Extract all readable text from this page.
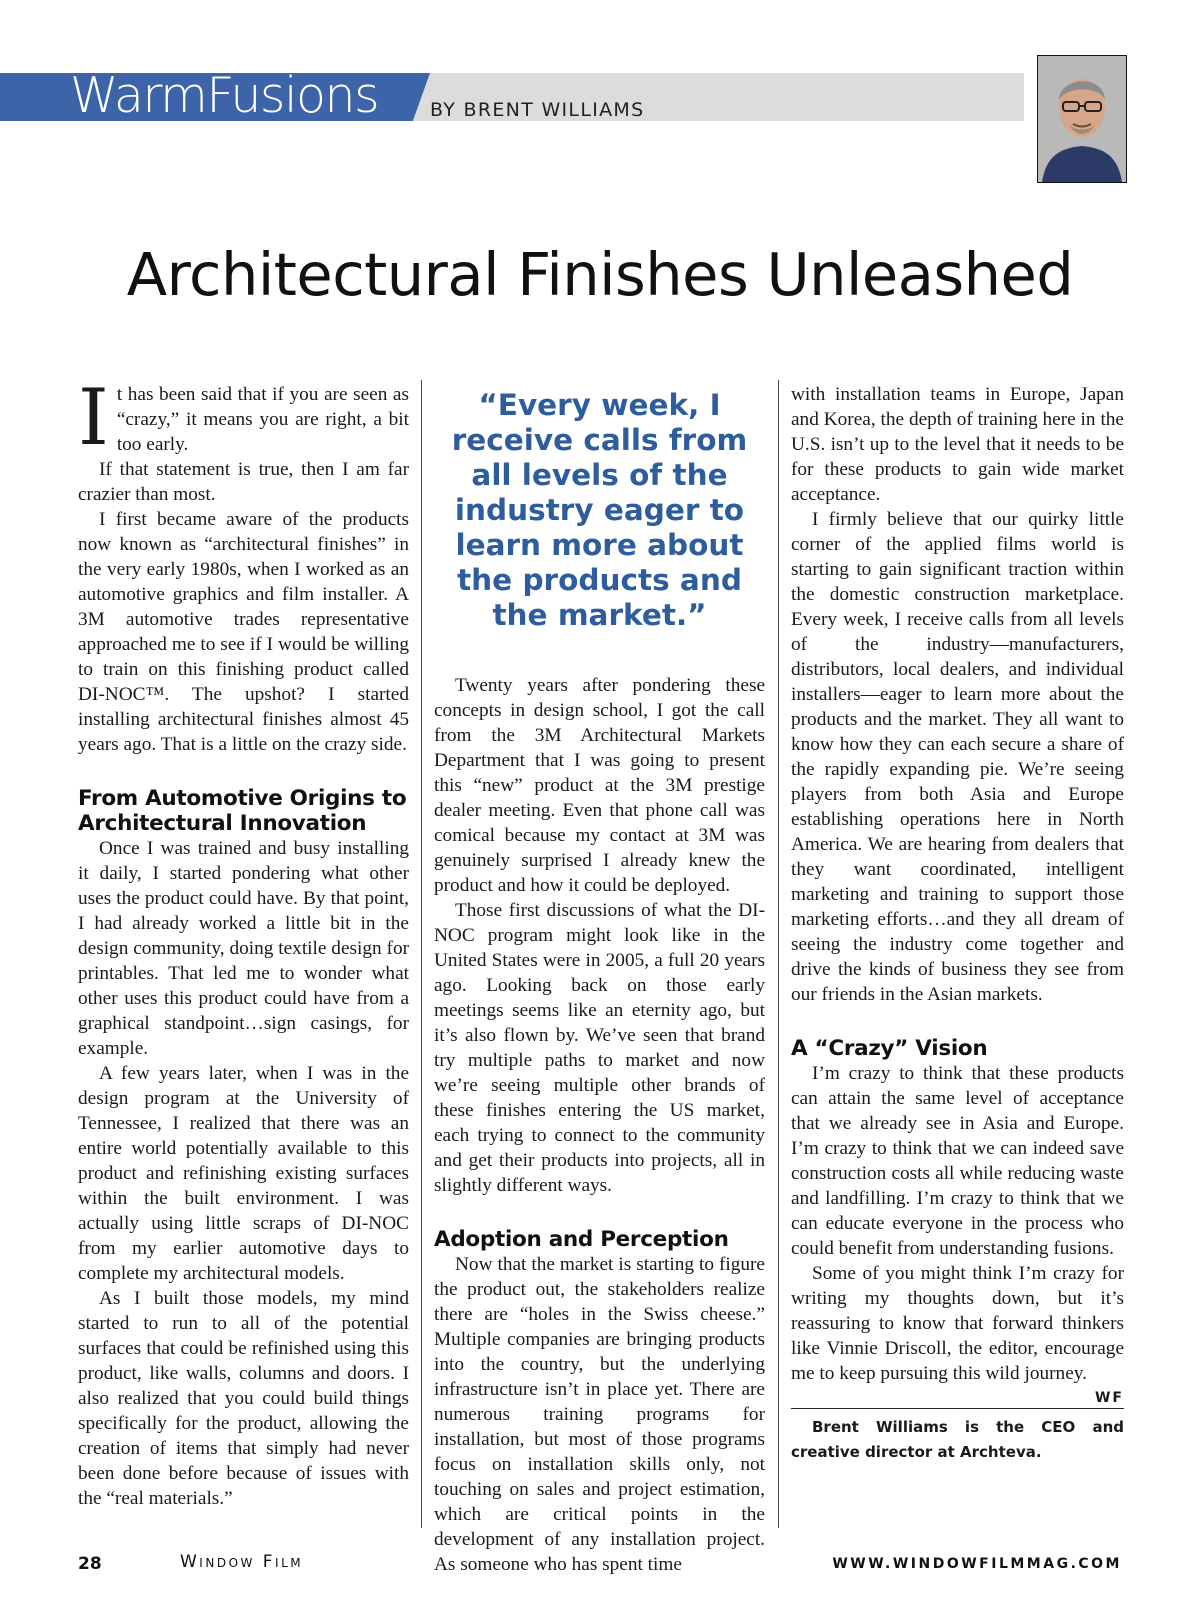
WarmFusions	BY BRENT WILLIAMS
Architectural Finishes Unleashed

It has been said that if you are seen as “crazy,” it means you are right, a bit too early.

If that statement is true, then I am far crazier than most.

I first became aware of the products now known as “architectural finishes” in the very early 1980s, when I worked as an automotive graphics and film installer. A 3M automotive trades representative approached me to see if I would be willing to train on this finishing product called DI-NOC™. The upshot? I started installing architectural finishes almost 45 years ago. That is a little on the crazy side.

From Automotive Origins to Architectural Innovation

Once I was trained and busy installing it daily, I started pondering what other uses the product could have. By that point, I had already worked a little bit in the design community, doing textile design for printables. That led me to wonder what other uses this product could have from a graphical standpoint…sign casings, for example.

A few years later, when I was in the design program at the University of Tennessee, I realized that there was an entire world potentially available to this product and refinishing existing surfaces within the built environment. I was actually using little scraps of DI-NOC from my earlier automotive days to complete my architectural models.

As I built those models, my mind started to run to all of the potential surfaces that could be refinished using this product, like walls, columns and doors. I also realized that you could build things specifically for the product, allowing the creation of items that simply had never been done before because of issues with the “real materials.”

“Every week, I receive calls from all levels of the industry eager to learn more about the products and the market.”

Twenty years after pondering these concepts in design school, I got the call from the 3M Architectural Markets Department that I was going to present this “new” product at the 3M prestige dealer meeting. Even that phone call was comical because my contact at 3M was genuinely surprised I already knew the product and how it could be deployed.

Those first discussions of what the DI-NOC program might look like in the United States were in 2005, a full 20 years ago. Looking back on those early meetings seems like an eternity ago, but it’s also flown by. We’ve seen that brand try multiple paths to market and now we’re seeing multiple other brands of these finishes entering the US market, each trying to connect to the community and get their products into projects, all in slightly different ways.

Adoption and Perception

Now that the market is starting to figure the product out, the stakeholders realize there are “holes in the Swiss cheese.” Multiple companies are bringing products into the country, but the underlying infrastructure isn’t in place yet. There are numerous training programs for installation, but most of those programs focus on installation skills only, not touching on sales and project estimation, which are critical points in the development of any installation project. As someone who has spent time

with installation teams in Europe, Japan and Korea, the depth of training here in the U.S. isn’t up to the level that it needs to be for these products to gain wide market acceptance.

I firmly believe that our quirky little corner of the applied films world is starting to gain significant traction within the domestic construction marketplace. Every week, I receive calls from all levels of the industry—manufacturers, distributors, local dealers, and individual installers—eager to learn more about the products and the market. They all want to know how they can each secure a share of the rapidly expanding pie. We’re seeing players from both Asia and Europe establishing operations here in North America. We are hearing from dealers that they want coordinated, intelligent marketing and training to support those marketing efforts…and they all dream of seeing the industry come together and drive the kinds of business they see from our friends in the Asian markets.

A “Crazy” Vision

I’m crazy to think that these products can attain the same level of acceptance that we already see in Asia and Europe. I’m crazy to think that we can indeed save construction costs all while reducing waste and landfilling. I’m crazy to think that we can educate everyone in the process who could benefit from understanding fusions.

Some of you might think I’m crazy for writing my thoughts down, but it’s reassuring to know that forward thinkers like Vinnie Driscoll, the editor, encourage me to keep pursuing this wild journey.
WF

Brent Williams is the CEO and creative director at Archteva.

28	Window Film	WWW.WINDOWFILMMAG.COM
